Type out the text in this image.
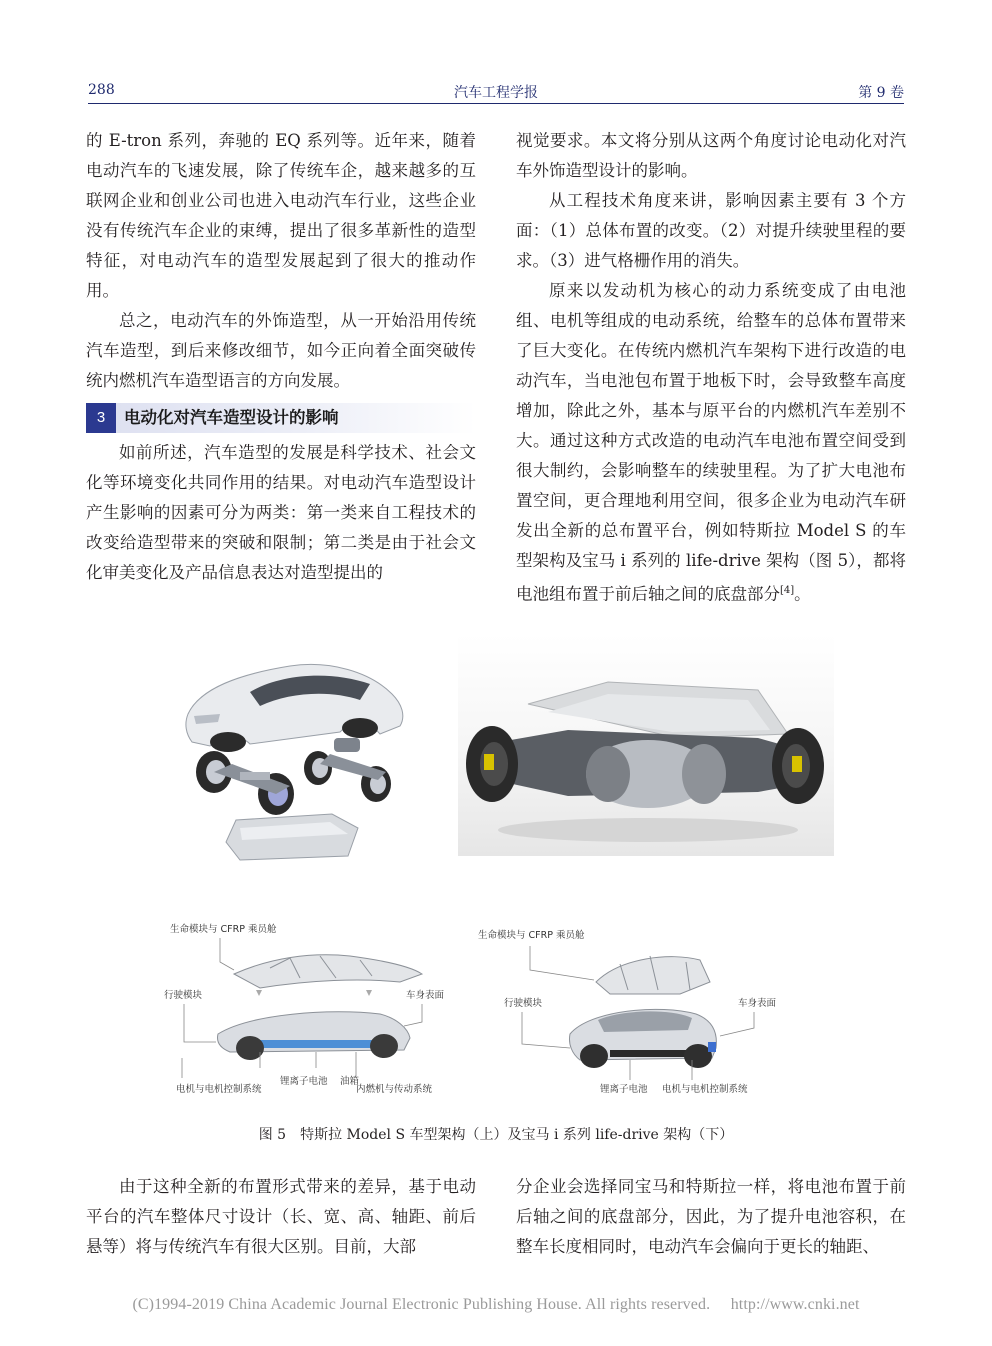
288	汽车工程学报	第 9 卷

的 E-tron 系列，奔驰的 EQ 系列等。近年来，随着电动汽车的飞速发展，除了传统车企，越来越多的互联网企业和创业公司也进入电动汽车行业，这些企业没有传统汽车企业的束缚，提出了很多革新性的造型特征，对电动汽车的造型发展起到了很大的推动作用。

总之，电动汽车的外饰造型，从一开始沿用传统汽车造型，到后来修改细节，如今正向着全面突破传统内燃机汽车造型语言的方向发展。

3	电动化对汽车造型设计的影响

如前所述，汽车造型的发展是科学技术、社会文化等环境变化共同作用的结果。对电动汽车造型设计产生影响的因素可分为两类：第一类来自工程技术的改变给造型带来的突破和限制；第二类是由于社会文化审美变化及产品信息表达对造型提出的

视觉要求。本文将分别从这两个角度讨论电动化对汽车外饰造型设计的影响。

从工程技术角度来讲，影响因素主要有 3 个方面：（1）总体布置的改变。（2）对提升续驶里程的要求。（3）进气格栅作用的消失。

原来以发动机为核心的动力系统变成了由电池组、电机等组成的电动系统，给整车的总体布置带来了巨大变化。在传统内燃机汽车架构下进行改造的电动汽车，当电池包布置于地板下时，会导致整车高度增加，除此之外，基本与原平台的内燃机汽车差别不大。通过这种方式改造的电动汽车电池布置空间受到很大制约，会影响整车的续驶里程。为了扩大电池布置空间，更合理地利用空间，很多企业为电动汽车研发出全新的总布置平台，例如特斯拉 Model S 的车型架构及宝马 i 系列的 life-drive 架构（图 5），都将电池组布置于前后轴之间的底盘部分[4]。

生命模块与 CFRP 乘员舱
行驶模块	车身表面
电机与电机控制系统
锂离子电池 油箱
内燃机与传动系统
生命模块与 CFRP 乘员舱
行驶模块	车身表面
锂离子电池 电机与电机控制系统
图 5 特斯拉 Model S 车型架构（上）及宝马 i 系列 life-drive 架构（下）

由于这种全新的布置形式带来的差异，基于电动平台的汽车整体尺寸设计（长、宽、高、轴距、前后悬等）将与传统汽车有很大区别。目前，大部

分企业会选择同宝马和特斯拉一样，将电池布置于前后轴之间的底盘部分，因此，为了提升电池容积，在整车长度相同时，电动汽车会偏向于更长的轴距、

(C)1994-2019 China Academic Journal Electronic Publishing House. All rights reserved. http://www.cnki.net
